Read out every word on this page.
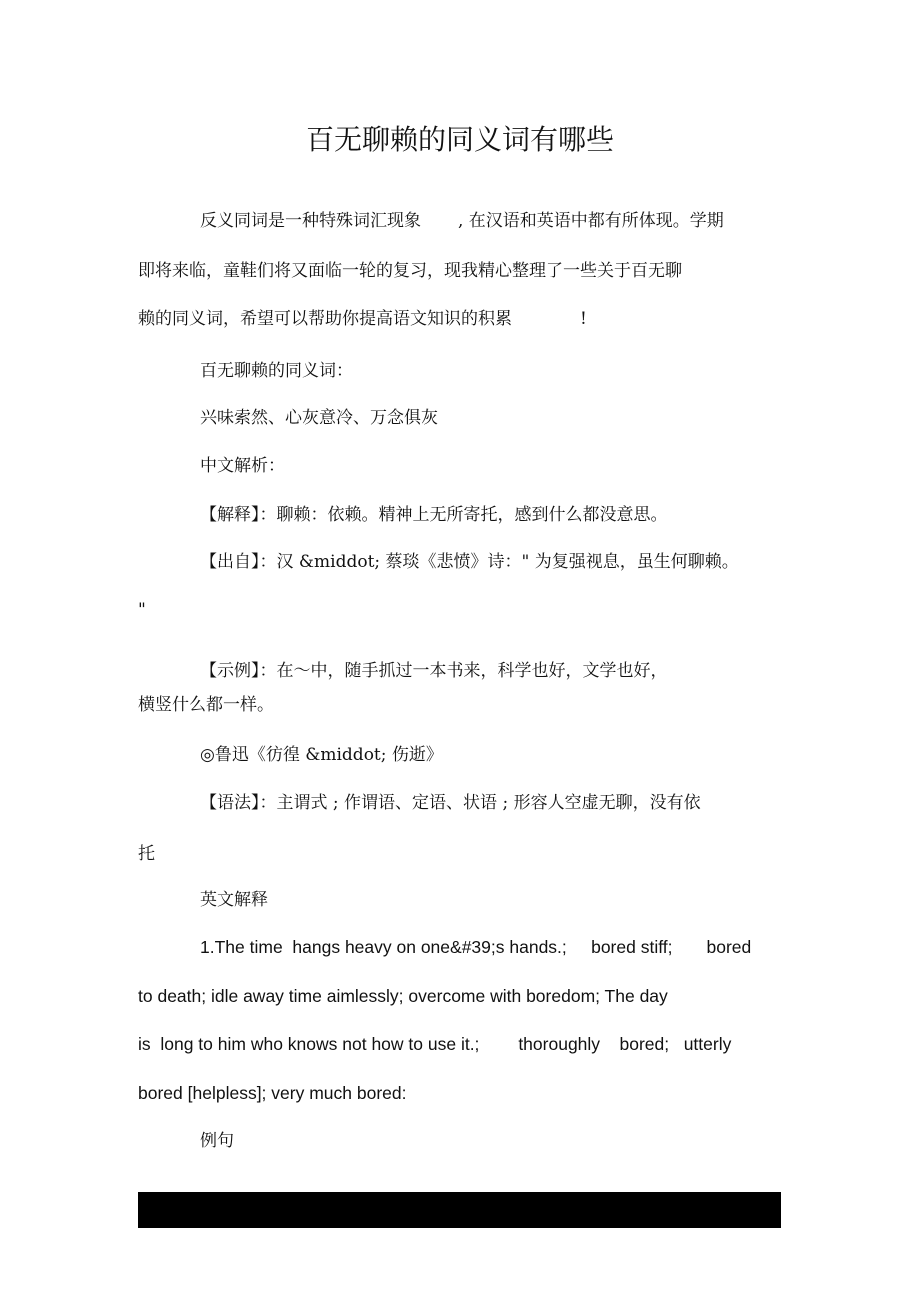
百无聊赖的同义词有哪些

反义同词是一种特殊词汇现象 , 在汉语和英语中都有所体现。学期

即将来临，童鞋们将又面临一轮的复习，现我精心整理了一些关于百无聊

赖的同义词，希望可以帮助你提高语文知识的积累	!

百无聊赖的同义词：

兴味索然、心灰意冷、万念俱灰

中文解析：

【解释】：聊赖：依赖。精神上无所寄托，感到什么都没意思。

【出自】：汉 &middot; 蔡琰《悲愤》诗：" 为复强视息，虽生何聊赖。

"

【示例】：在～中，随手抓过一本书来，科学也好，文学也好，

横竖什么都一样。

◎鲁迅《彷徨 &middot; 伤逝》

【语法】：主谓式 ; 作谓语、定语、状语 ; 形容人空虚无聊，没有依

托

英文解释

1.The time  hangs heavy on one&#39;s hands.;     bored stiff;       bored

to death; idle away time aimlessly; overcome with boredom; The day

is  long to him who knows not how to use it.;        thoroughly    bored;   utterly

bored [helpless]; very much bored:

例句
